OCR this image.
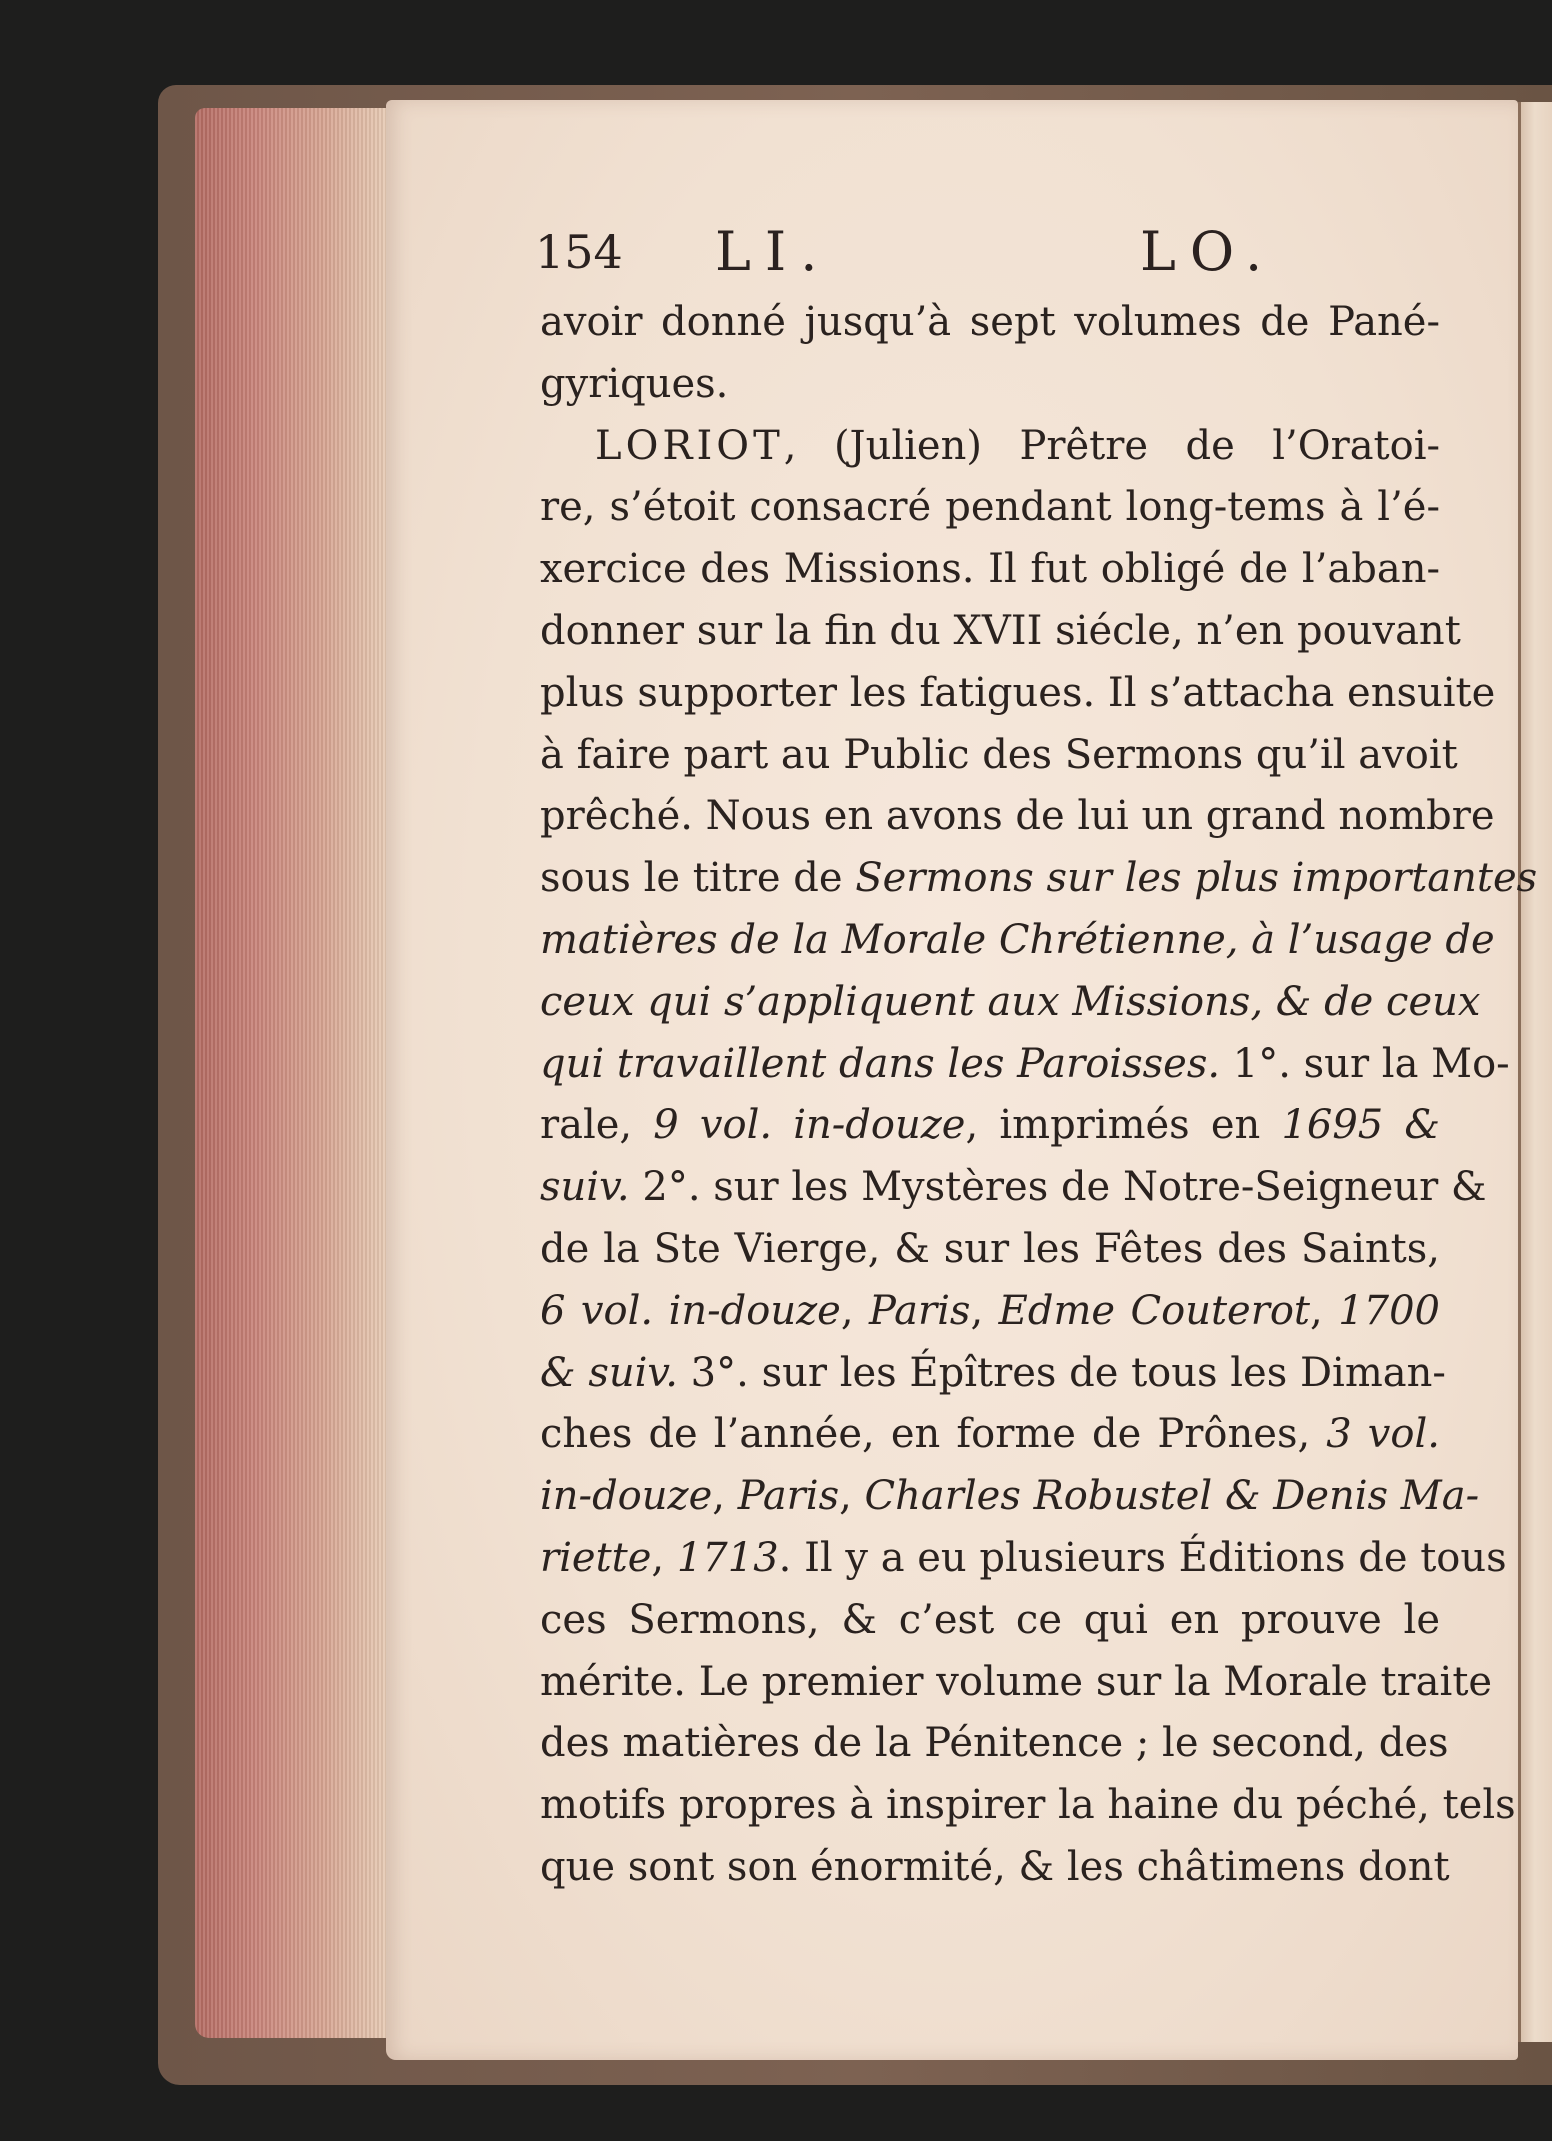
154 LI.	LO.
avoir donné jusqu’à sept volumes de Pané-
gyriques.
LORIOT, (Julien) Prêtre de l’Oratoi-
re, s’étoit consacré pendant long-tems à l’é-
xercice des Missions. Il fut obligé de l’aban-
donner sur la fin du XVII siécle, n’en pouvant
plus supporter les fatigues. Il s’attacha ensuite
à faire part au Public des Sermons qu’il avoit
prêché. Nous en avons de lui un grand nombre
sous le titre de Sermons sur les plus importantes
matières de la Morale Chrétienne, à l’usage de
ceux qui s’appliquent aux Missions, & de ceux
qui travaillent dans les Paroisses. 1°. sur la Mo-
rale, 9 vol. in-douze, imprimés en 1695 &
suiv. 2°. sur les Mystères de Notre-Seigneur &
de la Ste Vierge, & sur les Fêtes des Saints,
6 vol. in-douze, Paris, Edme Couterot, 1700
& suiv. 3°. sur les Épîtres de tous les Diman-
ches de l’année, en forme de Prônes, 3 vol.
in-douze, Paris, Charles Robustel & Denis Ma-
riette, 1713. Il y a eu plusieurs Éditions de tous
ces Sermons, & c’est ce qui en prouve le
mérite. Le premier volume sur la Morale traite
des matières de la Pénitence ; le second, des
motifs propres à inspirer la haine du péché, tels
que sont son énormité, & les châtimens dont
